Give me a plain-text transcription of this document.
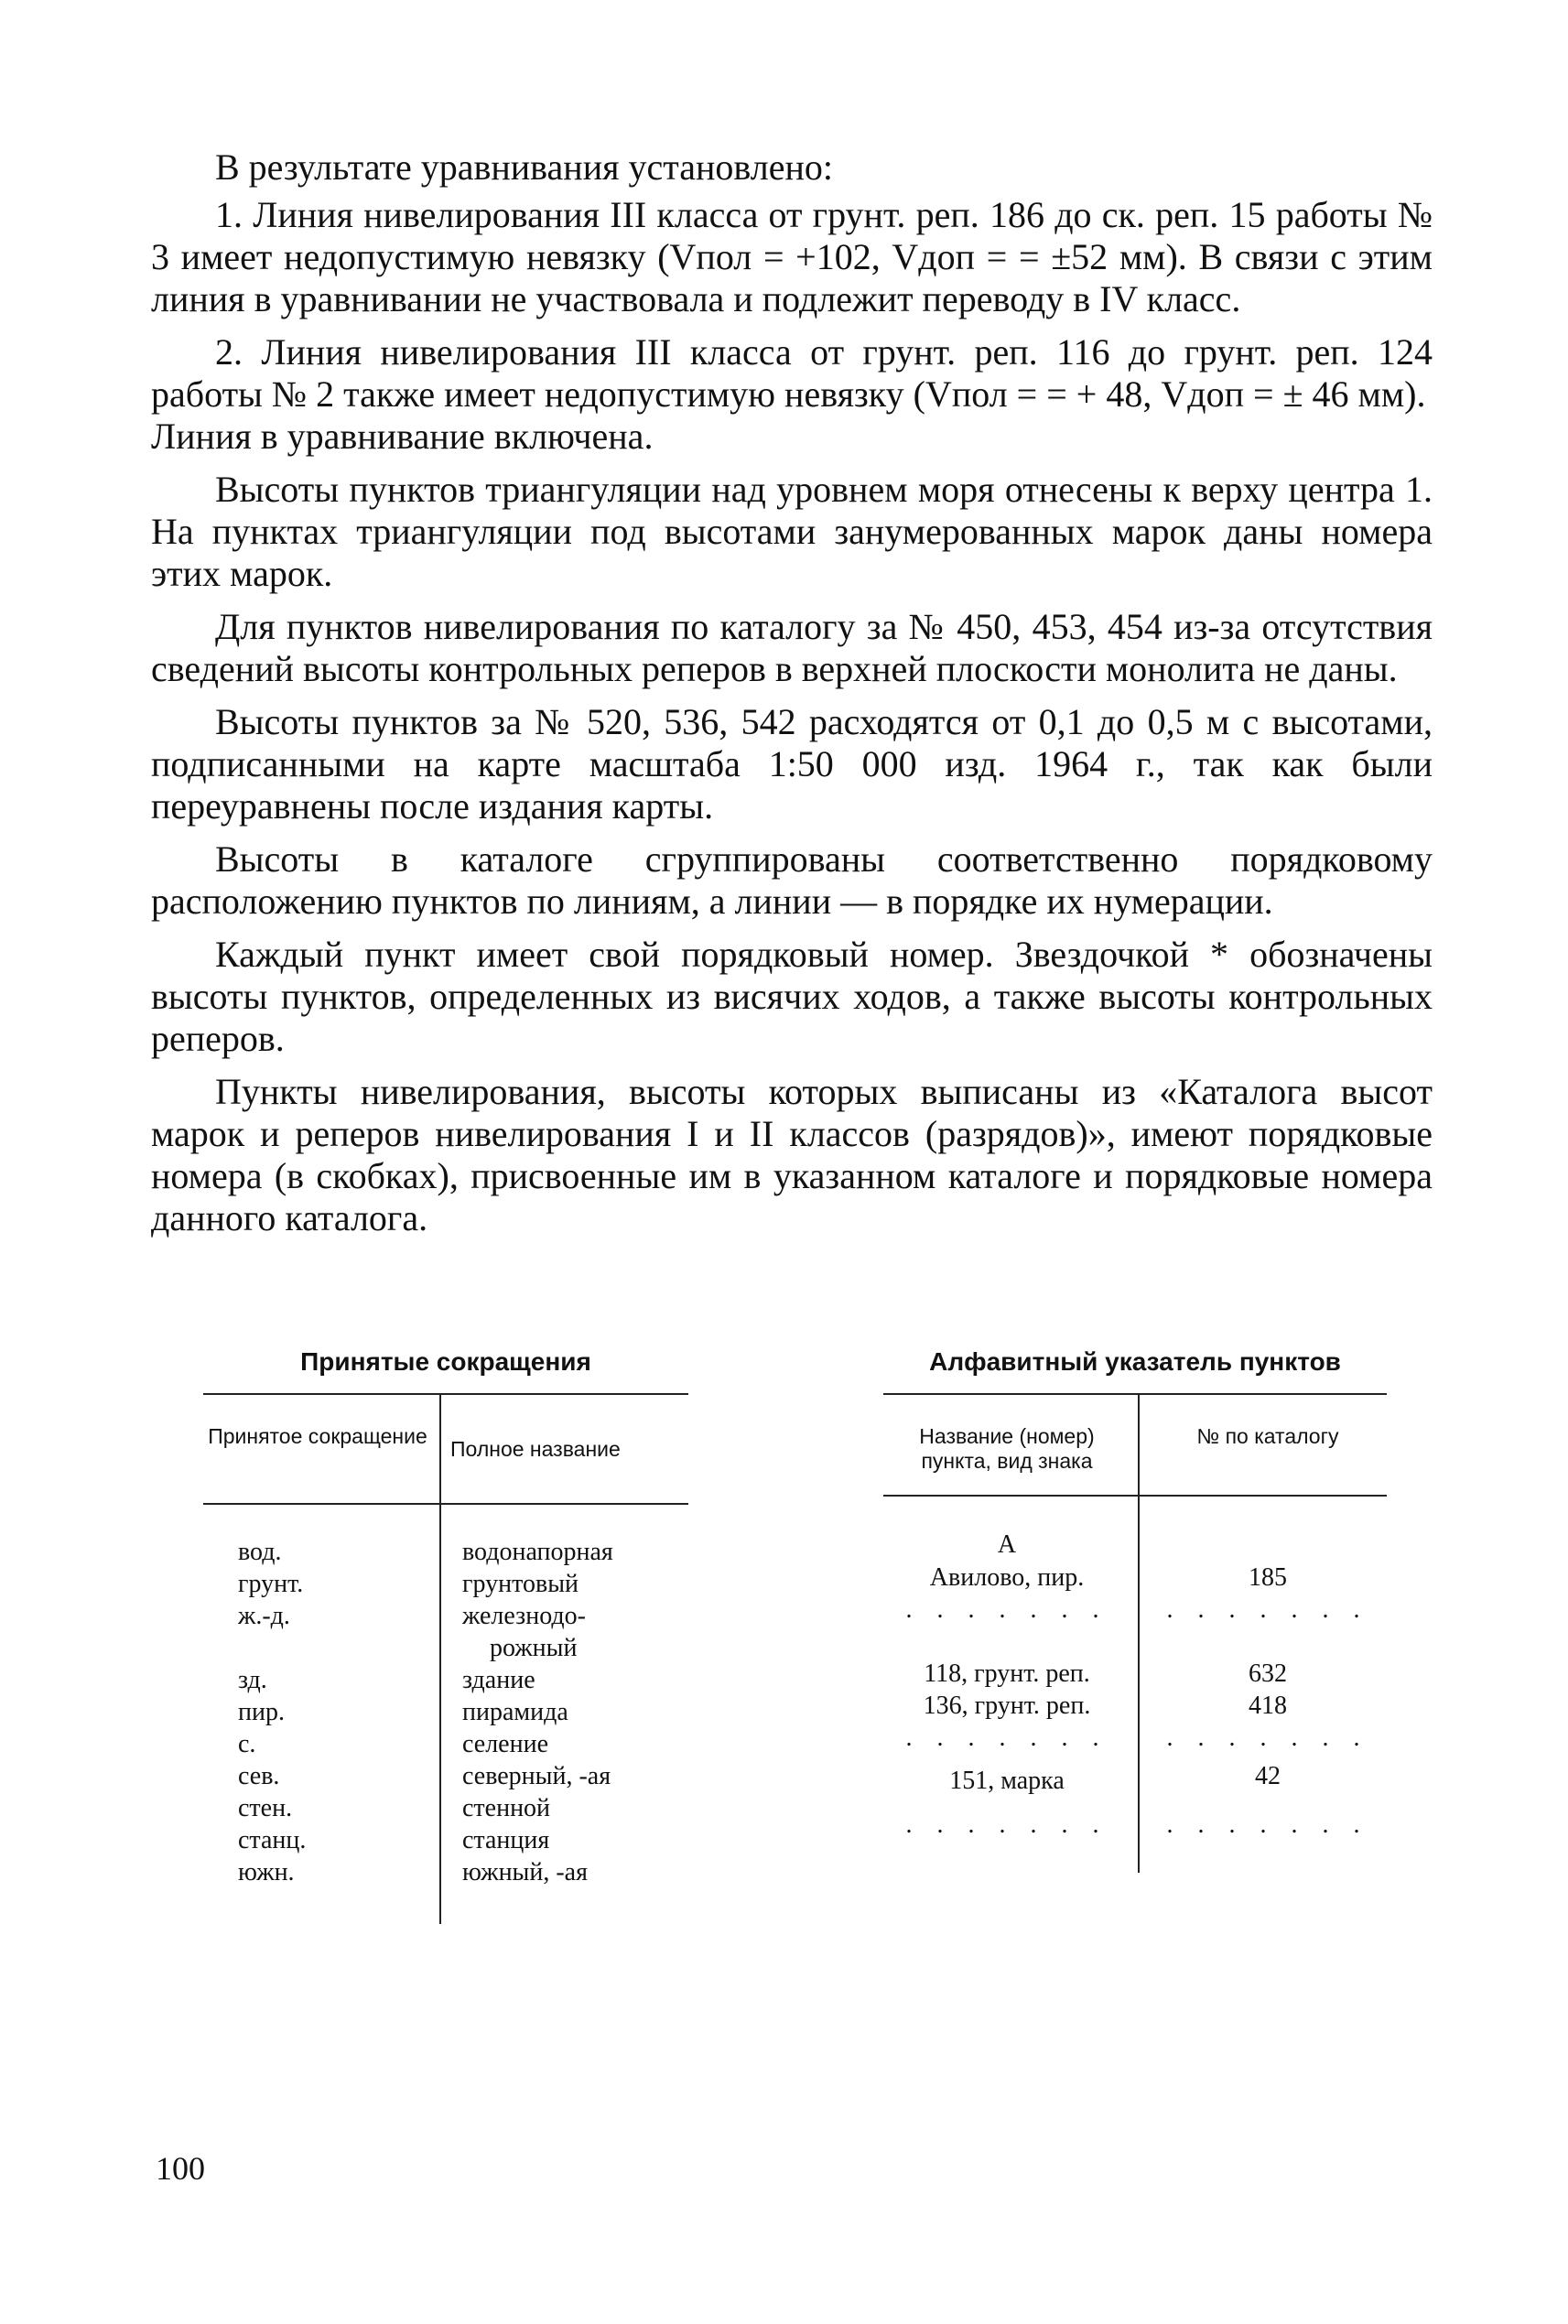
В результате уравнивания установлено:

1. Линия нивелирования III класса от грунт. реп. 186 до ск. реп. 15 работы № 3 имеет недопустимую невязку (Vпол = +102, Vдоп = = ±52 мм). В связи с этим линия в уравнивании не участвовала и подлежит переводу в IV класс.

2. Линия нивелирования III класса от грунт. реп. 116 до грунт. реп. 124 работы № 2 также имеет недопустимую невязку (Vпол = = + 48, Vдоп = ± 46 мм).

Линия в уравнивание включена.

Высоты пунктов триангуляции над уровнем моря отнесены к верху центра 1. На пунктах триангуляции под высотами занумерованных марок даны номера этих марок.

Для пунктов нивелирования по каталогу за № 450, 453, 454 из-за отсутствия сведений высоты контрольных реперов в верхней плоскости монолита не даны.

Высоты пунктов за № 520, 536, 542 расходятся от 0,1 до 0,5 м с высотами, подписанными на карте масштаба 1:50 000 изд. 1964 г., так как были переуравнены после издания карты.

Высоты в каталоге сгруппированы соответственно порядковому расположению пунктов по линиям, а линии — в порядке их нумерации.

Каждый пункт имеет свой порядковый номер. Звездочкой * обозначены высоты пунктов, определенных из висячих ходов, а также высоты контрольных реперов.

Пункты нивелирования, высоты которых выписаны из «Каталога высот марок и реперов нивелирования I и II классов (разрядов)», имеют порядковые номера (в скобках), присвоенные им в указанном каталоге и порядковые номера данного каталога.

Принятые сокращения
Принятое сокращение
Полное название
вод.
грунт.
ж.-д.
зд.
пир.
с.
сев.
стен.
станц.
южн.
водонапорная
грунтовый
железнодо-
рожный
здание
пирамида
селение
северный, -ая
стенной
станция
южный, -ая
Алфавитный указатель пунктов
Название (номер) пункта, вид знака
№ по каталогу
А
Авилово, пир.
. . . . . . .
118, грунт. реп.
136, грунт. реп.
. . . . . . .
151, марка
. . . . . . .
185
. . . . . . .
632
418
. . . . . . .
42
. . . . . . .
100
